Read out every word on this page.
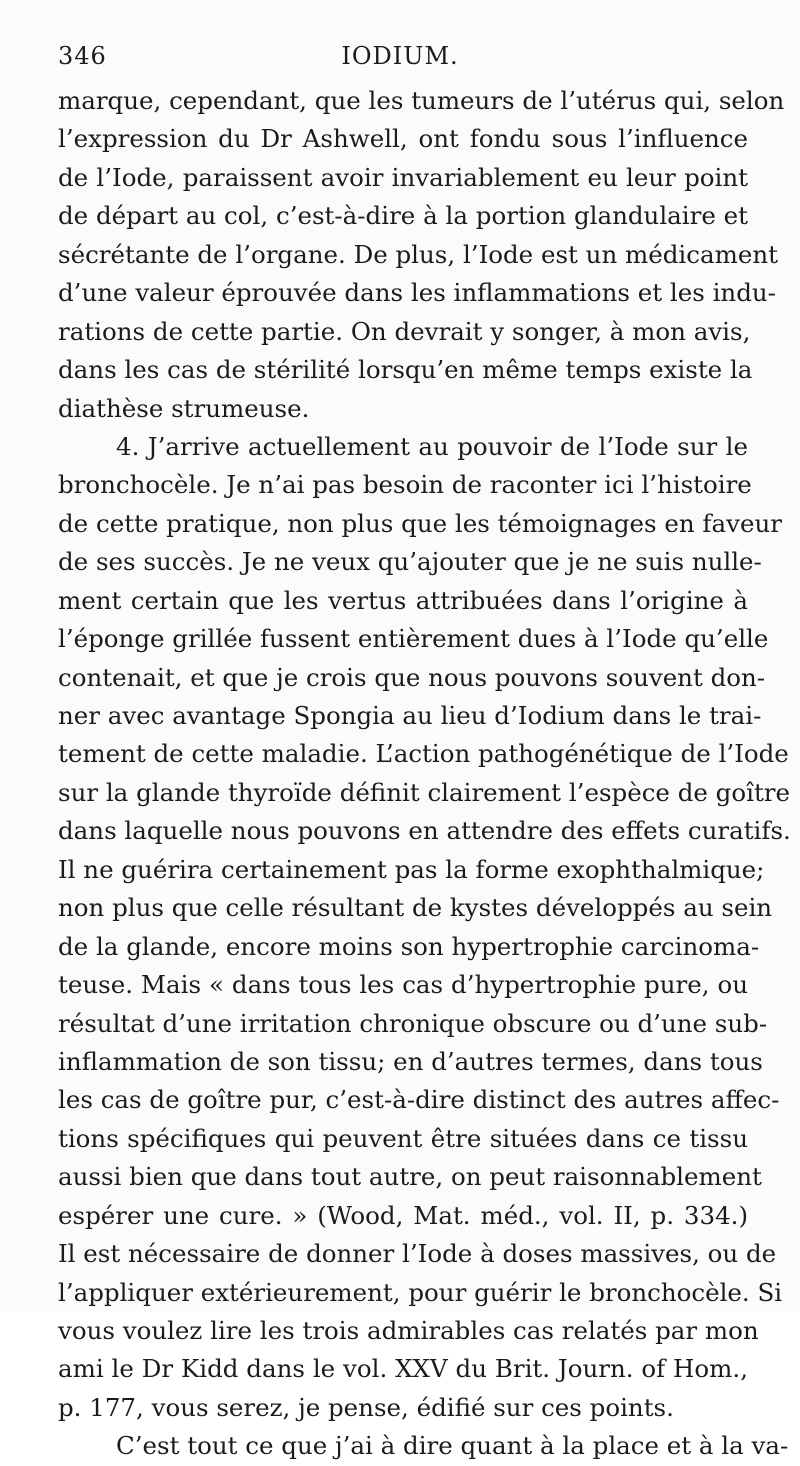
346	IODIUM.
marque, cependant, que les tumeurs de l’utérus qui, selon
l’expression du Dr Ashwell, ont fondu sous l’influence
de l’Iode, paraissent avoir invariablement eu leur point
de départ au col, c’est-à-dire à la portion glandulaire et
sécrétante de l’organe. De plus, l’Iode est un médicament
d’une valeur éprouvée dans les inflammations et les indu-
rations de cette partie. On devrait y songer, à mon avis,
dans les cas de stérilité lorsqu’en même temps existe la
diathèse strumeuse.
4. J’arrive actuellement au pouvoir de l’Iode sur le
bronchocèle. Je n’ai pas besoin de raconter ici l’histoire
de cette pratique, non plus que les témoignages en faveur
de ses succès. Je ne veux qu’ajouter que je ne suis nulle-
ment certain que les vertus attribuées dans l’origine à
l’éponge grillée fussent entièrement dues à l’Iode qu’elle
contenait, et que je crois que nous pouvons souvent don-
ner avec avantage Spongia au lieu d’Iodium dans le trai-
tement de cette maladie. L’action pathogénétique de l’Iode
sur la glande thyroïde définit clairement l’espèce de goître
dans laquelle nous pouvons en attendre des effets curatifs.
Il ne guérira certainement pas la forme exophthalmique;
non plus que celle résultant de kystes développés au sein
de la glande, encore moins son hypertrophie carcinoma-
teuse. Mais « dans tous les cas d’hypertrophie pure, ou
résultat d’une irritation chronique obscure ou d’une sub-
inflammation de son tissu; en d’autres termes, dans tous
les cas de goître pur, c’est-à-dire distinct des autres affec-
tions spécifiques qui peuvent être situées dans ce tissu
aussi bien que dans tout autre, on peut raisonnablement
espérer une cure. » (Wood, Mat. méd., vol. II, p. 334.)
Il est nécessaire de donner l’Iode à doses massives, ou de
l’appliquer extérieurement, pour guérir le bronchocèle. Si
vous voulez lire les trois admirables cas relatés par mon
ami le Dr Kidd dans le vol. XXV du Brit. Journ. of Hom.,
p. 177, vous serez, je pense, édifié sur ces points.
C’est tout ce que j’ai à dire quant à la place et à la va-
